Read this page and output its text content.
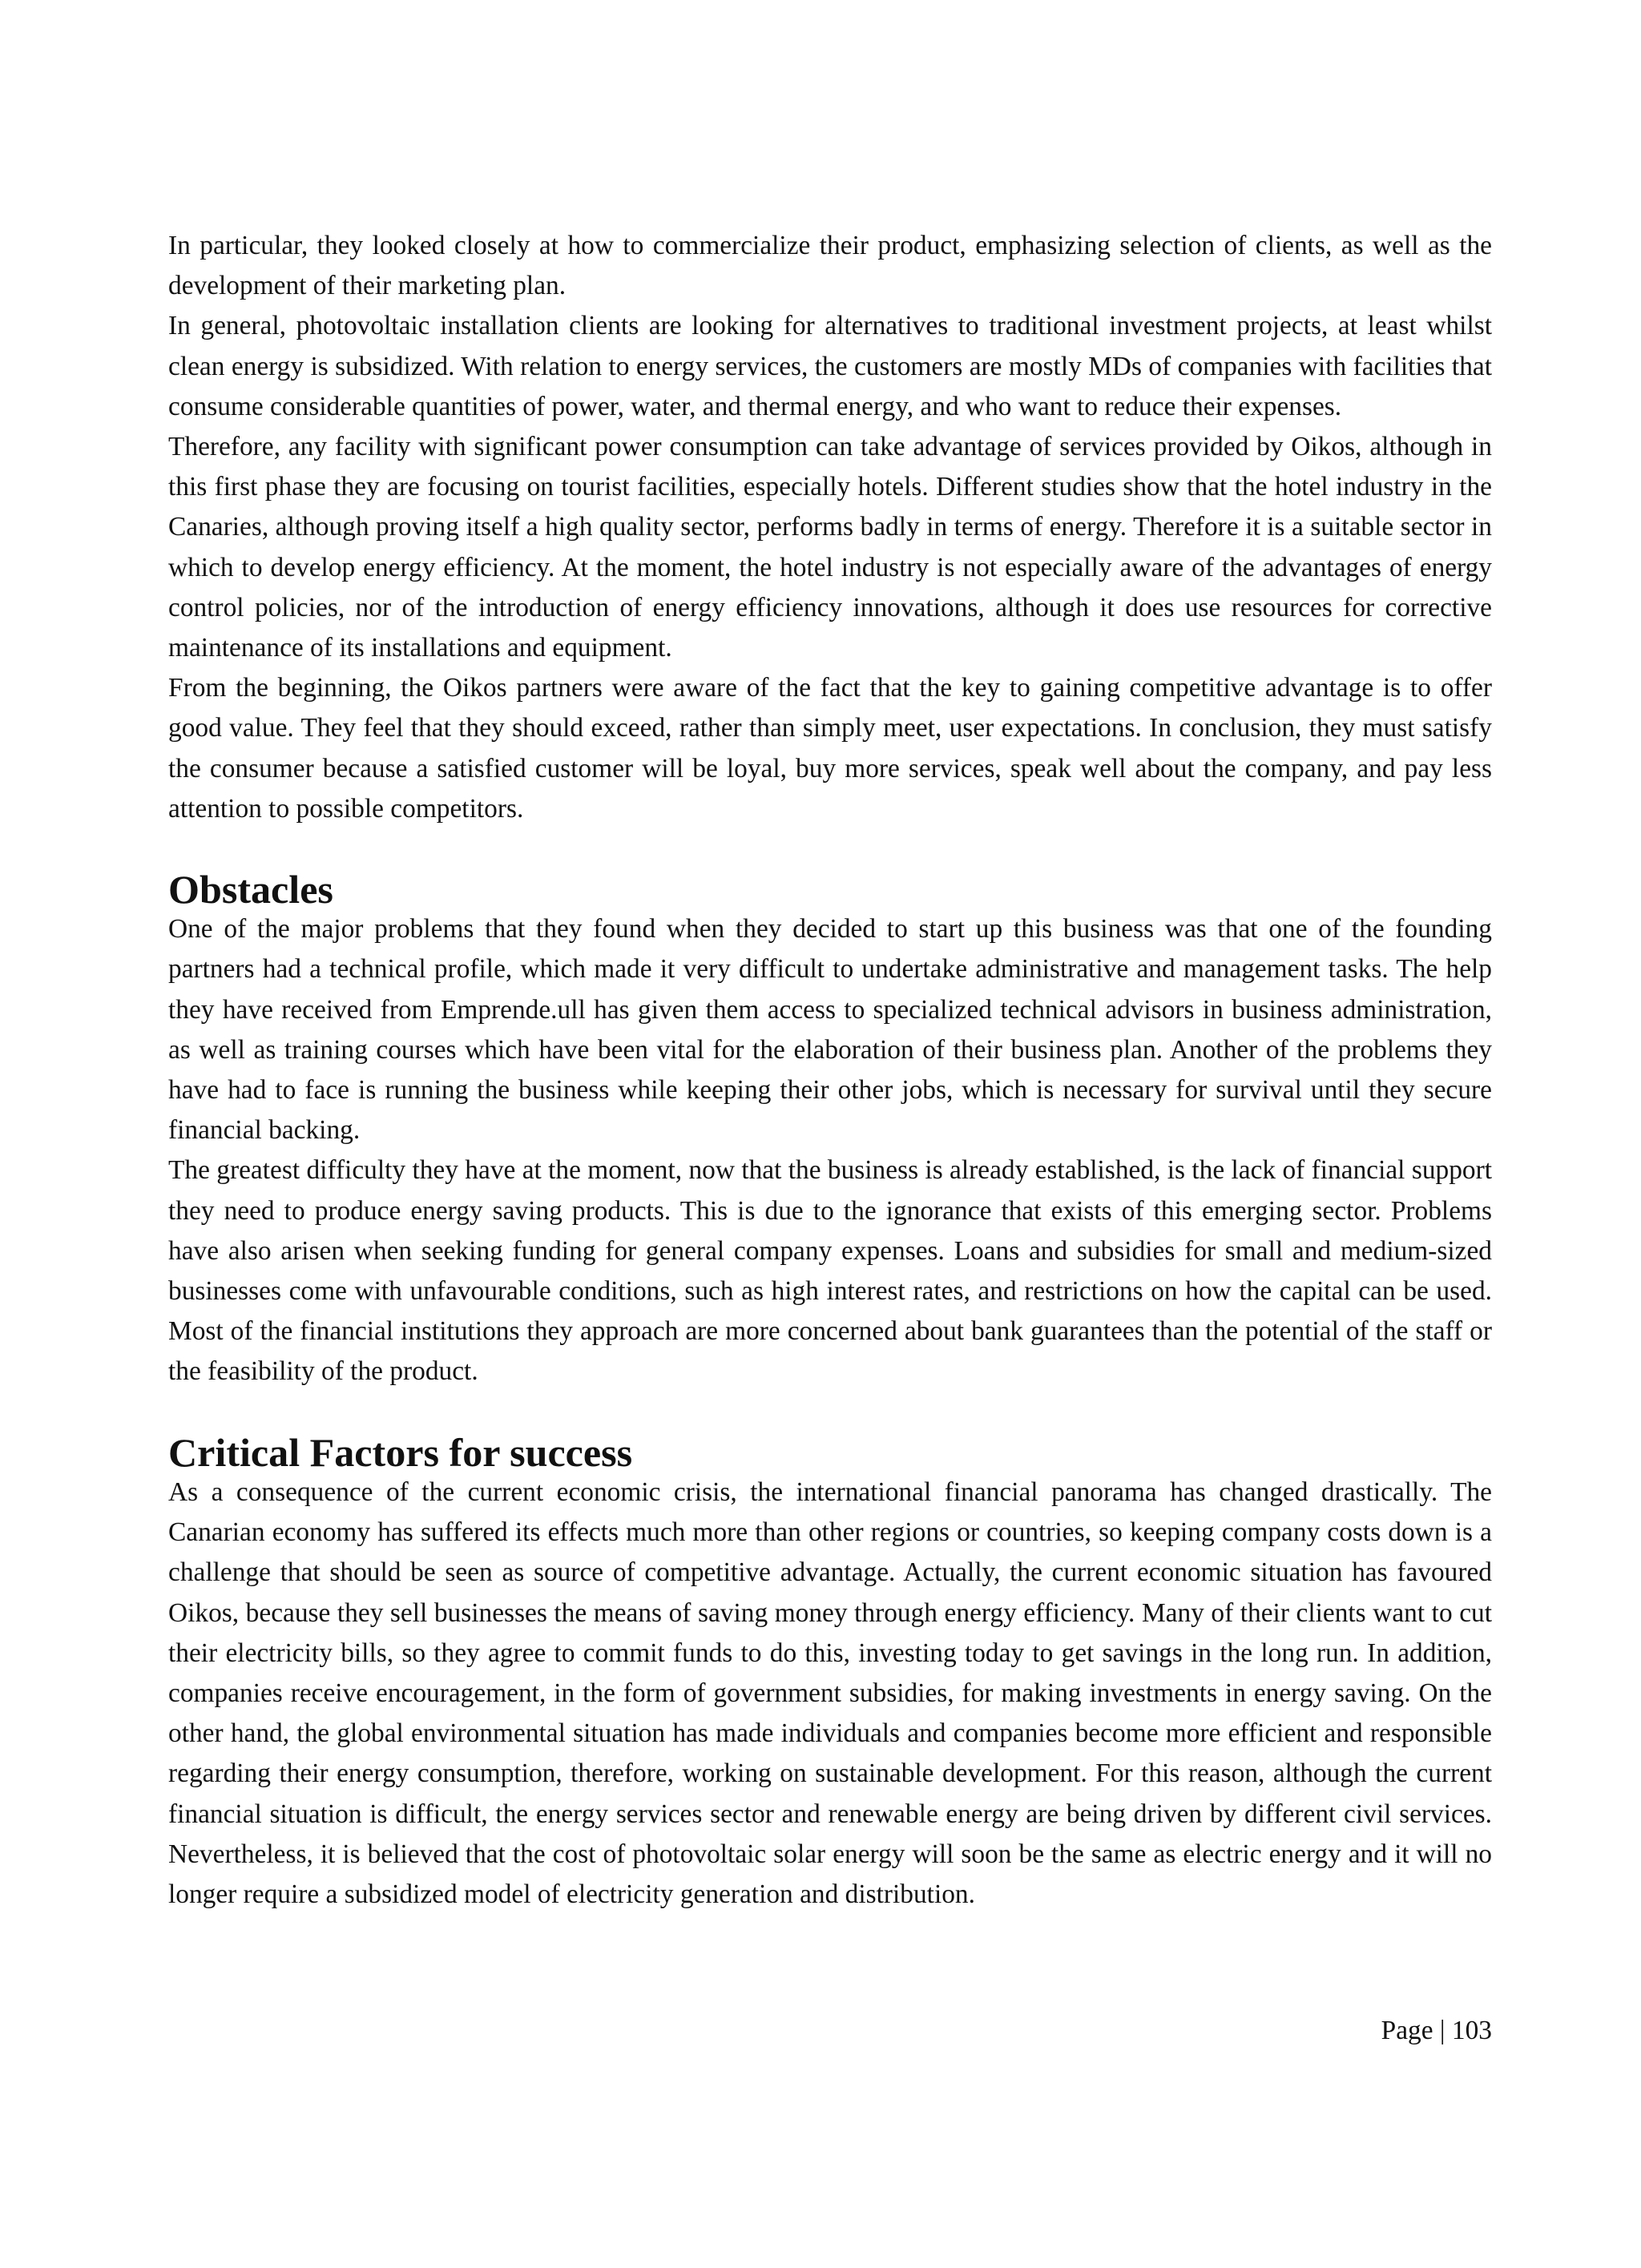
In particular, they looked closely at how to commercialize their product, emphasizing selection of clients, as well as the development of their marketing plan.

In general, photovoltaic installation clients are looking for alternatives to traditional investment projects, at least whilst clean energy is subsidized. With relation to energy services, the customers are mostly MDs of companies with facilities that consume considerable quantities of power, water, and thermal energy, and who want to reduce their expenses.

Therefore, any facility with significant power consumption can take advantage of services provided by Oikos, although in this first phase they are focusing on tourist facilities, especially hotels. Different studies show that the hotel industry in the Canaries, although proving itself a high quality sector, performs badly in terms of energy. Therefore it is a suitable sector in which to develop energy efficiency. At the moment, the hotel industry is not especially aware of the advantages of energy control policies, nor of the introduction of energy efficiency innovations, although it does use resources for corrective maintenance of its installations and equipment.

From the beginning, the Oikos partners were aware of the fact that the key to gaining competitive advantage is to offer good value. They feel that they should exceed, rather than simply meet, user expectations. In conclusion, they must satisfy the consumer because a satisfied customer will be loyal, buy more services, speak well about the company, and pay less attention to possible competitors.

Obstacles

One of the major problems that they found when they decided to start up this business was that one of the founding partners had a technical profile, which made it very difficult to undertake administrative and management tasks. The help they have received from Emprende.ull has given them access to specialized technical advisors in business administration, as well as training courses which have been vital for the elaboration of their business plan. Another of the problems they have had to face is running the business while keeping their other jobs, which is necessary for survival until they secure financial backing.

The greatest difficulty they have at the moment, now that the business is already established, is the lack of financial support they need to produce energy saving products. This is due to the ignorance that exists of this emerging sector. Problems have also arisen when seeking funding for general company expenses. Loans and subsidies for small and medium-sized businesses come with unfavourable conditions, such as high interest rates, and restrictions on how the capital can be used. Most of the financial institutions they approach are more concerned about bank guarantees than the potential of the staff or the feasibility of the product.

Critical Factors for success

As a consequence of the current economic crisis, the international financial panorama has changed drastically. The Canarian economy has suffered its effects much more than other regions or countries, so keeping company costs down is a challenge that should be seen as source of competitive advantage. Actually, the current economic situation has favoured Oikos, because they sell businesses the means of saving money through energy efficiency. Many of their clients want to cut their electricity bills, so they agree to commit funds to do this, investing today to get savings in the long run. In addition, companies receive encouragement, in the form of government subsidies, for making investments in energy saving. On the other hand, the global environmental situation has made individuals and companies become more efficient and responsible regarding their energy consumption, therefore, working on sustainable development. For this reason, although the current financial situation is difficult, the energy services sector and renewable energy are being driven by different civil services. Nevertheless, it is believed that the cost of photovoltaic solar energy will soon be the same as electric energy and it will no longer require a subsidized model of electricity generation and distribution.

Page | 103
